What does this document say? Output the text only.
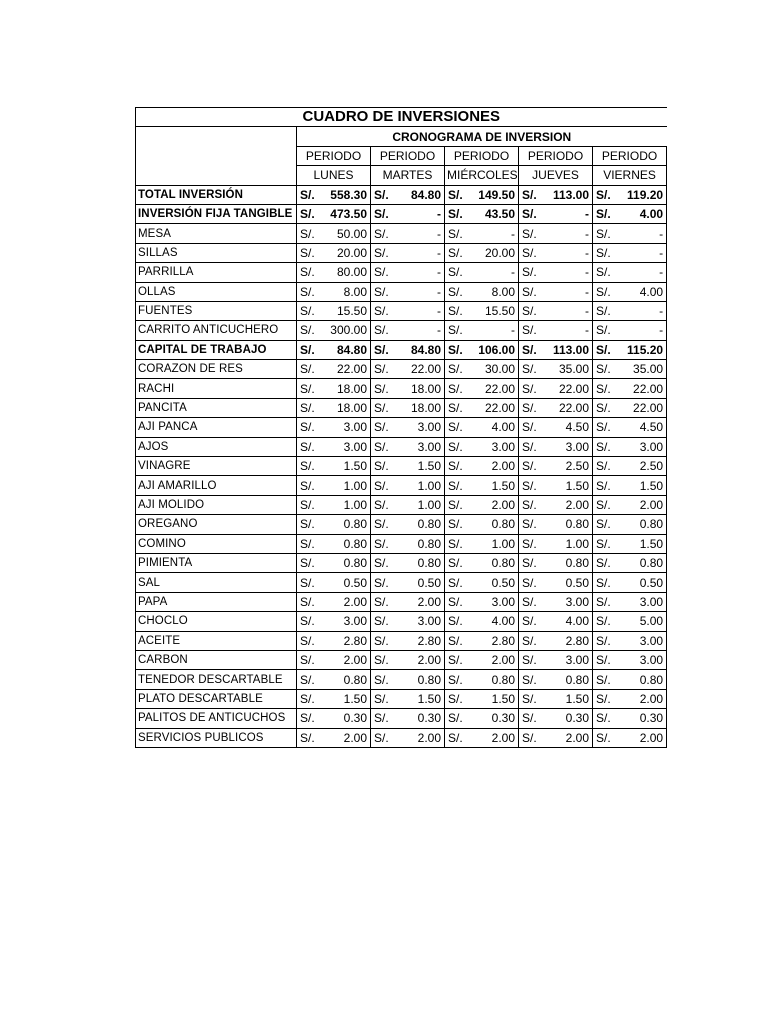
CUADRO DE INVERSIONES										
	CRONOGRAMA DE INVERSION									
	PERIODO		PERIODO		PERIODO		PERIODO		PERIODO	
	LUNES		MARTES		MIÉRCOLES		JUEVES		VIERNES	
TOTAL INVERSIÓN	S/.	558.30	S/.	84.80	S/.	149.50	S/.	113.00	S/.	119.20
INVERSIÓN FIJA TANGIBLE	S/.	473.50	S/.	-	S/.	43.50	S/.	-	S/.	4.00
MESA	S/.	50.00	S/.	-	S/.	-	S/.	-	S/.	-
SILLAS	S/.	20.00	S/.	-	S/.	20.00	S/.	-	S/.	-
PARRILLA	S/.	80.00	S/.	-	S/.	-	S/.	-	S/.	-
OLLAS	S/.	8.00	S/.	-	S/.	8.00	S/.	-	S/.	4.00
FUENTES	S/.	15.50	S/.	-	S/.	15.50	S/.	-	S/.	-
CARRITO ANTICUCHERO	S/.	300.00	S/.	-	S/.	-	S/.	-	S/.	-
CAPITAL DE TRABAJO	S/.	84.80	S/.	84.80	S/.	106.00	S/.	113.00	S/.	115.20
CORAZON DE RES	S/.	22.00	S/.	22.00	S/.	30.00	S/.	35.00	S/.	35.00
RACHI	S/.	18.00	S/.	18.00	S/.	22.00	S/.	22.00	S/.	22.00
PANCITA	S/.	18.00	S/.	18.00	S/.	22.00	S/.	22.00	S/.	22.00
AJI PANCA	S/.	3.00	S/.	3.00	S/.	4.00	S/.	4.50	S/.	4.50
AJOS	S/.	3.00	S/.	3.00	S/.	3.00	S/.	3.00	S/.	3.00
VINAGRE	S/.	1.50	S/.	1.50	S/.	2.00	S/.	2.50	S/.	2.50
AJI AMARILLO	S/.	1.00	S/.	1.00	S/.	1.50	S/.	1.50	S/.	1.50
AJI MOLIDO	S/.	1.00	S/.	1.00	S/.	2.00	S/.	2.00	S/.	2.00
OREGANO	S/.	0.80	S/.	0.80	S/.	0.80	S/.	0.80	S/.	0.80
COMINO	S/.	0.80	S/.	0.80	S/.	1.00	S/.	1.00	S/.	1.50
PIMIENTA	S/.	0.80	S/.	0.80	S/.	0.80	S/.	0.80	S/.	0.80
SAL	S/.	0.50	S/.	0.50	S/.	0.50	S/.	0.50	S/.	0.50
PAPA	S/.	2.00	S/.	2.00	S/.	3.00	S/.	3.00	S/.	3.00
CHOCLO	S/.	3.00	S/.	3.00	S/.	4.00	S/.	4.00	S/.	5.00
ACEITE	S/.	2.80	S/.	2.80	S/.	2.80	S/.	2.80	S/.	3.00
CARBON	S/.	2.00	S/.	2.00	S/.	2.00	S/.	3.00	S/.	3.00
TENEDOR DESCARTABLE	S/.	0.80	S/.	0.80	S/.	0.80	S/.	0.80	S/.	0.80
PLATO DESCARTABLE	S/.	1.50	S/.	1.50	S/.	1.50	S/.	1.50	S/.	2.00
PALITOS DE ANTICUCHOS	S/.	0.30	S/.	0.30	S/.	0.30	S/.	0.30	S/.	0.30
SERVICIOS PUBLICOS	S/.	2.00	S/.	2.00	S/.	2.00	S/.	2.00	S/.	2.00
